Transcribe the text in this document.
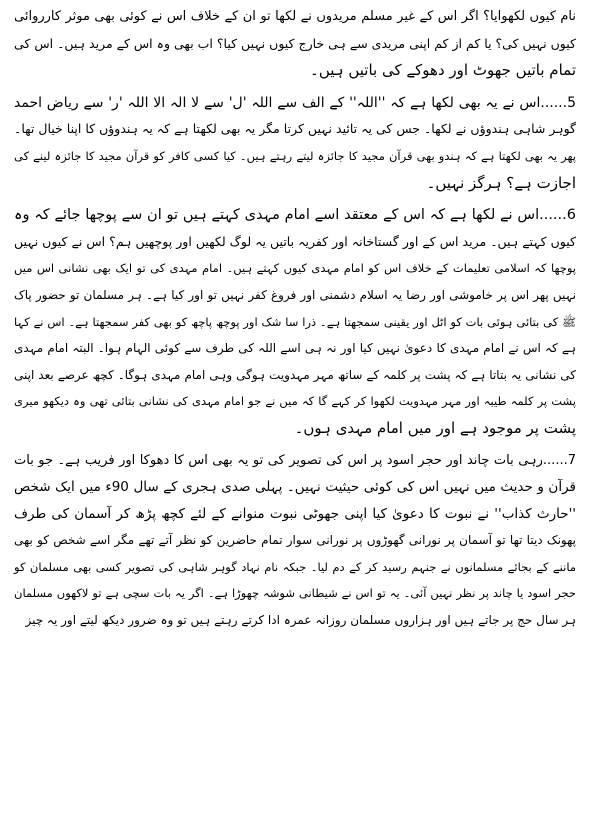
نام کیوں لکھوایا؟ اگر اس کے غیر مسلم مریدوں نے لکھا تو ان کے خلاف اس نے کوئی بھی موثر کارروائی
کیوں نہیں کی؟ یا کم از کم اپنی مریدی سے ہی خارج کیوں نہیں کیا؟ اب بھی وہ اس کے مرید ہیں۔ اس کی
تمام باتیں جھوٹ اور دھوکے کی باتیں ہیں۔
5......اس نے یہ بھی لکھا ہے کہ ''اللہ'' کے الف سے اللہ 'ل' سے لا الہ الا اللہ 'ر' سے ریاض احمد
گوہر شاہی ہندوؤں نے لکھا۔ جس کی یہ تائید نہیں کرتا مگر یہ بھی لکھتا ہے کہ یہ ہندوؤں کا اپنا خیال تھا۔
پھر یہ بھی لکھتا ہے کہ ہندو بھی قرآن مجید کا جائزہ لیتے رہتے ہیں۔ کیا کسی کافر کو قرآن مجید کا جائزہ لینے کی
اجازت ہے؟ ہرگز نہیں۔
6......اس نے لکھا ہے کہ اس کے معتقد اسے امام مہدی کہتے ہیں تو ان سے پوچھا جائے کہ وہ
کیوں کہتے ہیں۔ مرید اس کے اور گستاخانہ اور کفریہ باتیں یہ لوگ لکھیں اور پوچھیں ہم؟ اس نے کیوں نہیں
پوچھا کہ اسلامی تعلیمات کے خلاف اس کو امام مہدی کیوں کہتے ہیں۔ امام مہدی کی تو ایک بھی نشانی اس میں
نہیں پھر اس پر خاموشی اور رضا یہ اسلام دشمنی اور فروغ کفر نہیں تو اور کیا ہے۔ ہر مسلمان تو حضور پاک
ﷺ کی بتائی ہوئی بات کو اٹل اور یقینی سمجھتا ہے۔ ذرا سا شک اور پوچھ پاچھ کو بھی کفر سمجھتا ہے۔ اس نے کہا
ہے کہ اس نے امام مہدی کا دعویٰ نہیں کیا اور نہ ہی اسے اللہ کی طرف سے کوئی الہام ہوا۔ البتہ امام مہدی
کی نشانی یہ بتاتا ہے کہ پشت پر کلمہ کے ساتھ مہر مہدویت ہوگی وہی امام مہدی ہوگا۔ کچھ عرصے بعد اپنی
پشت پر کلمہ طیبہ اور مہر مہدویت لکھوا کر کہے گا کہ میں نے جو امام مہدی کی نشانی بتائی تھی وہ دیکھو میری
پشت پر موجود ہے اور میں امام مہدی ہوں۔
7......رہی بات چاند اور حجر اسود پر اس کی تصویر کی تو یہ بھی اس کا دھوکا اور فریب ہے۔ جو بات
قرآن و حدیث میں نہیں اس کی کوئی حیثیت نہیں۔ پہلی صدی ہجری کے سال 90ء میں ایک شخص
''حارث کذاب'' نے نبوت کا دعویٰ کیا اپنی جھوٹی نبوت منوانے کے لئے کچھ پڑھ کر آسمان کی طرف
پھونک دیتا تھا تو آسمان پر نورانی گھوڑوں پر نورانی سوار تمام حاضرین کو نظر آتے تھے مگر اسے شخص کو بھی
ماننے کے بجائے مسلمانوں نے جنہم رسید کر کے دم لیا۔ جبکہ نام نہاد گوہر شاہی کی تصویر کسی بھی مسلمان کو
حجر اسود یا چاند پر نظر نہیں آئی۔ یہ تو اس نے شیطانی شوشہ چھوڑا ہے۔ اگر یہ بات سچی ہے تو لاکھوں مسلمان
ہر سال حج پر جاتے ہیں اور ہزاروں مسلمان روزانہ عمرہ ادا کرتے رہتے ہیں تو وہ ضرور دیکھ لیتے اور یہ چیز
